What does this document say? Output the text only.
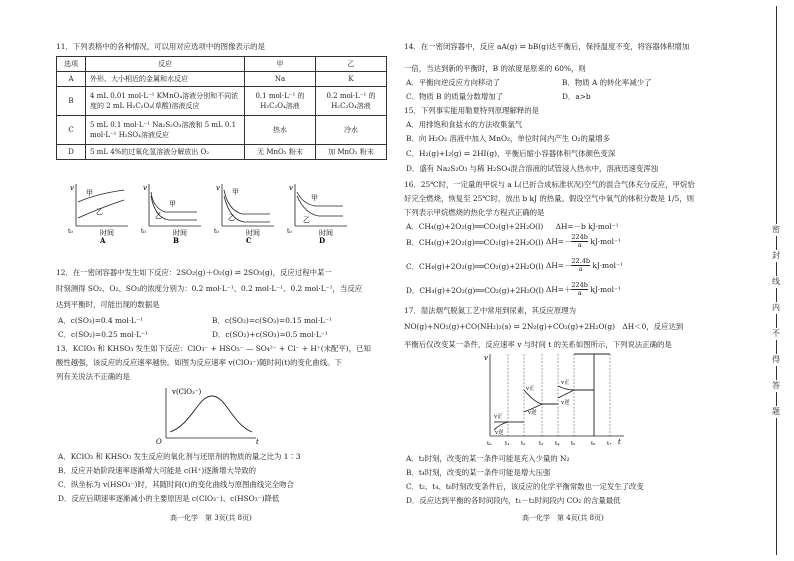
11．下列表格中的各种情况，可以用对应选项中的图像表示的是
选项	反应	甲	乙
A	外形、大小相近的金属和水反应	Na	K
B	4 mL 0.01 mol·L⁻¹ KMnO₄溶液分别和不同浓度的 2 mL H₂C₂O₄(草酸)溶液反应	0.1 mol·L⁻¹ 的 H₂C₂O₄溶液	0.2 mol·L⁻¹ 的 H₂C₂O₄溶液
C	5 mL 0.1 mol·L⁻¹ Na₂S₂O₃溶液和 5 mL 0.1 mol·L⁻¹ H₂SO₄溶液反应	热水	冷水
D	5 mL 4%的过氧化氢溶液分解放出 O₂	无 MnO₂ 粉末	加 MnO₂ 粉末
v
甲
乙
t₀	时间
A
v
甲
乙
t₀	时间
B
v 甲
乙
t₀	时间
C
v
甲
乙
t₀	时间
D
12．在一密闭容器中发生如下反应：2SO₂(g)＋O₂(g) ⇌ 2SO₃(g)，反应过程中某一
时刻测得 SO₂、O₂、SO₃的浓度分别为：0.2 mol·L⁻¹、0.2 mol·L⁻¹、0.2 mol·L⁻¹，当反应
达到平衡时，可能出现的数据是
A．c(SO₃)=0.4 mol·L⁻¹	B．c(SO₂)=c(SO₃)=0.15 mol·L⁻¹
C．c(SO₂)=0.25 mol·L⁻¹	D．c(SO₂)+c(SO₃)=0.5 mol·L⁻¹
13．KClO₃ 和 KHSO₃ 发生如下反应：ClO₃⁻ + HSO₃⁻ — SO₄²⁻ + Cl⁻ + H⁺(未配平)，已知
酸性越强，该反应的反应速率越快。如图为反应速率 v(ClO₃⁻)随时间(t)的变化曲线。下
列有关说法不正确的是
v(ClO₃⁻)
O	t
A．KClO₃ 和 KHSO₃ 发生反应的氧化剂与还原剂的物质的量之比为 1∶3
B．反应开始阶段速率逐渐增大可能是 c(H⁺)逐渐增大导致的
C．纵坐标为 v(HSO₃⁻)时，其随时间(t)的变化曲线与原图曲线完全吻合
D．反应后期速率逐渐减小的主要原因是 c(ClO₃⁻)、c(HSO₃⁻)降低
高一化学　第 3页(共 8页)
14．在一密闭容器中，反应 aA(g) ⇌ bB(g)达平衡后，保持温度不变，将容器体积增加
一倍，当达到新的平衡时，B 的浓度是原来的 60%，则
A．平衡向逆反应方向移动了	B．物质 A 的转化率减少了
C．物质 B 的质量分数增加了	D．a>b
15．下列事实能用勒夏特列原理解释的是
A．用排饱和食盐水的方法收集氯气
B．向 H₂O₂ 溶液中加入 MnO₂，单位时间内产生 O₂的量增多
C．H₂(g)+I₂(g) ⇌ 2HI(g)，平衡后缩小容器体积气体颜色变深
D．盛有 Na₂S₂O₃ 与稀 H₂SO₄混合溶液的试管浸入热水中，溶液迅速变浑浊
16．25℃时，一定量的甲烷与 a L(已折合成标准状况)空气的混合气体充分反应，甲烷恰
好完全燃烧，恢复至 25℃时，放出 b kJ 的热量。假设空气中氧气的体积分数是 1/5，则
下列表示甲烷燃烧的热化学方程式正确的是
A．CH₄(g)+2O₂(g)══CO₂(g)+2H₂O(l) ΔH=－b kJ·mol⁻¹
B．CH₄(g)+2O₂(g)══CO₂(g)+2H₂O(l) $\Delta H=- \frac{224b}{a} kJ\cdot mol^{-1}$
C．CH₄(g)+2O₂(g)══CO₂(g)+2H₂O(l) $\Delta H=- \frac{22.4b}{a} kJ\cdot mol^{-1}$
D．CH₄(g)+2O₂(g)══CO₂(g)+2H₂O(l) $\Delta H=+ \frac{224b}{a} kJ\cdot mol^{-1}$
17．湿法烟气脱氮工艺中常用到尿素，其反应原理为
NO(g)+NO₂(g)+CO(NH₂)₂(s) ⇌ 2N₂(g)+CO₂(g)+2H₂O(g)　ΔH＜0，反应达到
平衡后仅改变某一条件，反应速率 v 与时间 t 的关系如图所示，下列说法正确的是
v
t
v正
v逆
v正
v逆
v正
v逆
t₀ t₁ t₂ t₃ t₄ t₅	t₆ t₇
A．t₂时刻，改变的某一条件可能是充入少量的 N₂
B．t₄时刻，改变的某一条件可能是增大压强
C．t₂、t₄、t₆时刻改变条件后，该反应的化学平衡常数也一定发生了改变
D．反应达到平衡的各时间段内，t₁－t₂时间段内 CO₂ 的含量最低
高一化学　第 4页(共 8页)
密
封
线
内
不
得
答
题
